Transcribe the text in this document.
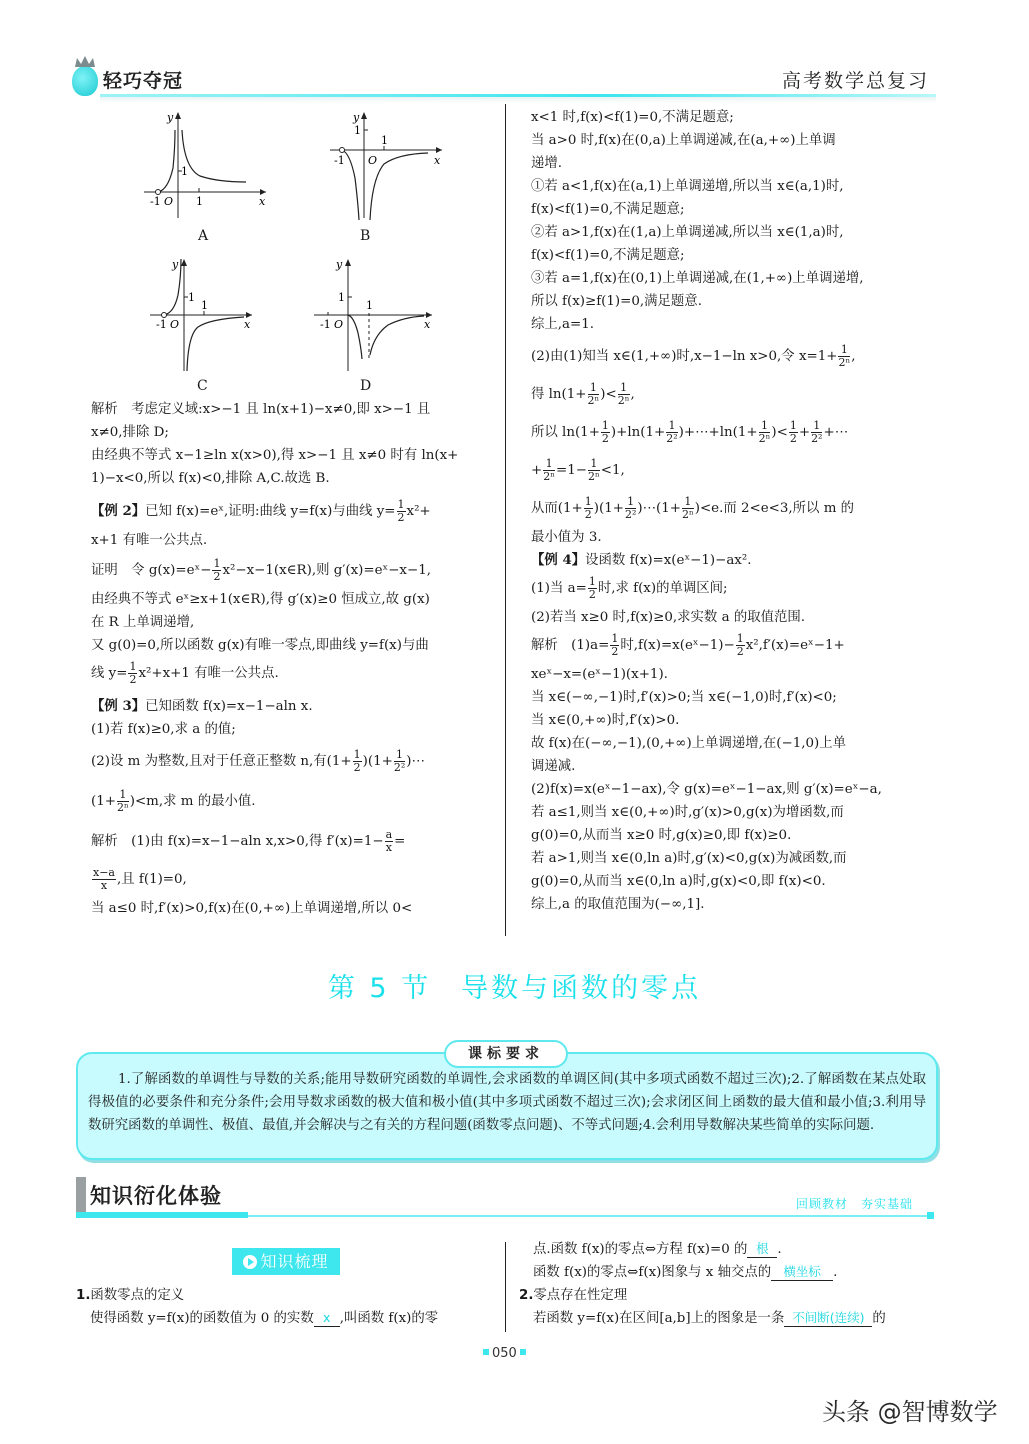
轻巧夺冠	高考数学总复习
1
-1 O 1	x
y
A
1
1
-1 O	x
y
B
1
1
-1 O	x
y
C
1
1
-1 O	x
y
D
解析　考虑定义域:x>−1 且 ln(x+1)−x≠0,即 x>−1 且
x≠0,排除 D;
由经典不等式 x−1≥ln x(x>0),得 x>−1 且 x≠0 时有 ln(x+
1)−x<0,所以 f(x)<0,排除 A,C.故选 B.
【例 2】已知 f(x)=eˣ,证明:曲线 y=f(x)与曲线 $y= \frac{1}{2} x^2+$
x+1 有唯一公共点.
证明　令 g(x)=eˣ− $\frac{1}{2}$ x²−x−1(x∈R),则 g′(x)=eˣ−x−1,
由经典不等式 eˣ≥x+1(x∈R),得 g′(x)≥0 恒成立,故 g(x)
在 R 上单调递增,
又 g(0)=0,所以函数 g(x)有唯一零点,即曲线 y=f(x)与曲
线 $y= \frac{1}{2} x^2+x+1$ 有唯一公共点.
【例 3】已知函数 f(x)=x−1−aln x.
(1)若 f(x)≥0,求 a 的值;
(2)设 m 为整数,且对于任意正整数 n,有$(1+ \frac{1}{2} )(1+ \frac{1}{\text{2²}}$ )⋯
$(1+ \frac{1}{\text{2ⁿ}} )<m$,求 m 的最小值.
解析　(1)由 f(x)=x−1−aln x,x>0,得 $f'(x)=1- \frac{a}{x}$ =
$\frac{x-a}{x}$ ,且 f(1)=0,
当 a≤0 时,f′(x)>0,f(x)在(0,+∞)上单调递增,所以 0<
x<1 时,f(x)<f(1)=0,不满足题意;
当 a>0 时,f(x)在(0,a)上单调递减,在(a,+∞)上单调
递增.
①若 a<1,f(x)在(a,1)上单调递增,所以当 x∈(a,1)时,
f(x)<f(1)=0,不满足题意;
②若 a>1,f(x)在(1,a)上单调递减,所以当 x∈(1,a)时,
f(x)<f(1)=0,不满足题意;
③若 a=1,f(x)在(0,1)上单调递减,在(1,+∞)上单调递增,
所以 f(x)≥f(1)=0,满足题意.
综上,a=1.
(2)由(1)知当 x∈(1,+∞)时,x−1−ln x>0,令 $x=1+ \frac{1}{\text{2ⁿ}}$ ,
得 $\ln(1+ \frac{1}{\text{2ⁿ}}$ )< $\frac{1}{\text{2ⁿ}}$ ,
所以 $\ln(1+ \frac{1}{2} )+\ln(1+ \frac{1}{\text{2²}}$ )+⋯+ln(1+ $\frac{1}{\text{2ⁿ}}$ )< $\frac{1}{2} + \frac{1}{\text{2²}}$ +⋯
+ $\frac{1}{\text{2ⁿ}} =1- \frac{1}{\text{2ⁿ}} <1$,
从而$(1+ \frac{1}{2} )(1+ \frac{1}{\text{2²}}$ )⋯(1+ $\frac{1}{\text{2ⁿ}} )<e$.而 2<e<3,所以 m 的
最小值为 3.
【例 4】设函数 f(x)=x(eˣ−1)−ax².
(1)当 $a= \frac{1}{2}$ 时,求 f(x)的单调区间;
(2)若当 x≥0 时,f(x)≥0,求实数 a 的取值范围.
解析　$(1)a= \frac{1}{2}$ 时,f(x)=x(eˣ−1)− $\frac{1}{2}$ x²,f′(x)=eˣ−1+
xeˣ−x=(eˣ−1)(x+1).
当 x∈(−∞,−1)时,f′(x)>0;当 x∈(−1,0)时,f′(x)<0;
当 x∈(0,+∞)时,f′(x)>0.
故 f(x)在(−∞,−1),(0,+∞)上单调递增,在(−1,0)上单
调递减.
(2)f(x)=x(eˣ−1−ax),令 g(x)=eˣ−1−ax,则 g′(x)=eˣ−a,
若 a≤1,则当 x∈(0,+∞)时,g′(x)>0,g(x)为增函数,而
g(0)=0,从而当 x≥0 时,g(x)≥0,即 f(x)≥0.
若 a>1,则当 x∈(0,ln a)时,g′(x)<0,g(x)为减函数,而
g(0)=0,从而当 x∈(0,ln a)时,g(x)<0,即 f(x)<0.
综上,a 的取值范围为(−∞,1].
第 5 节　导数与函数的零点
课标要求
1.了解函数的单调性与导数的关系;能用导数研究函数的单调性,会求函数的单调区间(其中多项式函数不超过三次);2.了解函数在某点处取得极值的必要条件和充分条件;会用导数求函数的极大值和极小值(其中多项式函数不超过三次);会求闭区间上函数的最大值和最小值;3.利用导数研究函数的单调性、极值、最值,并会解决与之有关的方程问题(函数零点问题)、不等式问题;4.会利用导数解决某些简单的实际问题.
知识衍化体验	回顾教材　夯实基础
知识梳理
1.函数零点的定义
使得函数 y=f(x)的函数值为 0 的实数 x ,叫函数 f(x)的零
点.函数 f(x)的零点⇔方程 f(x)=0 的 根 .
函数 f(x)的零点⇔f(x)图象与 x 轴交点的 横坐标 .
2.零点存在性定理
若函数 y=f(x)在区间[a,b]上的图象是一条 不间断(连续) 的
050
头条 @智博数学
